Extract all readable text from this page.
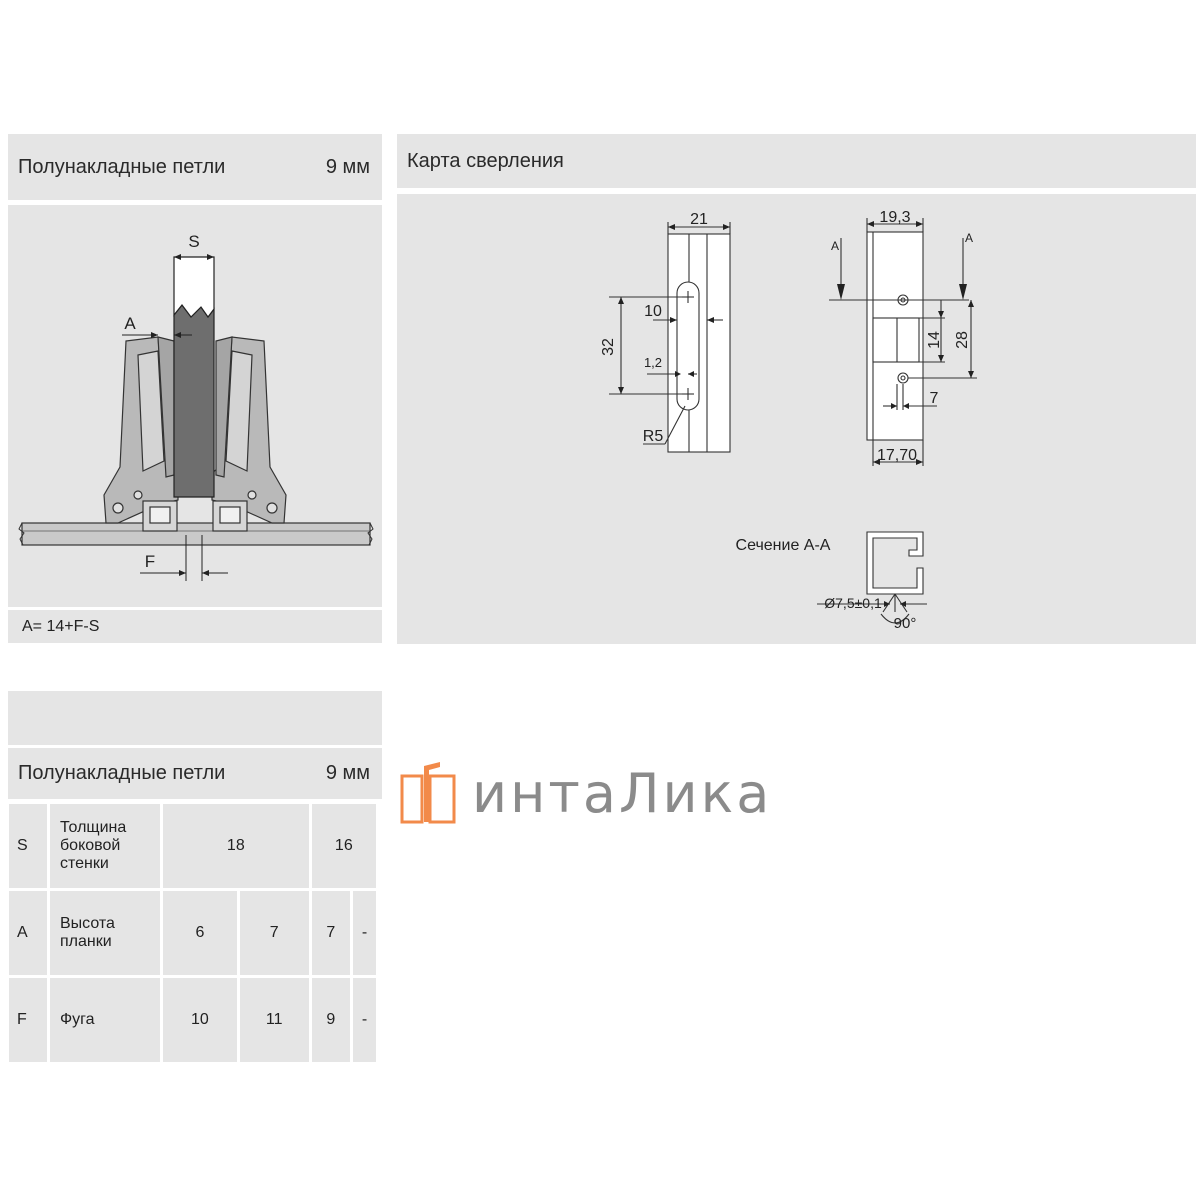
Полунакладные петли	9 мм
S
A
F
A= 14+F-S
Карта сверления
21
10
32
1,2
R5
19,3
A
A
14 28
7
17,70
Сечение А-А
Ø7,5±0,1
90°
Полунакладные петли	9 мм
S	Толщина боковой стенки	18		16	
A	Высота планки	6	7	7	-
F	Фуга	10	11	9	-
интаЛика
